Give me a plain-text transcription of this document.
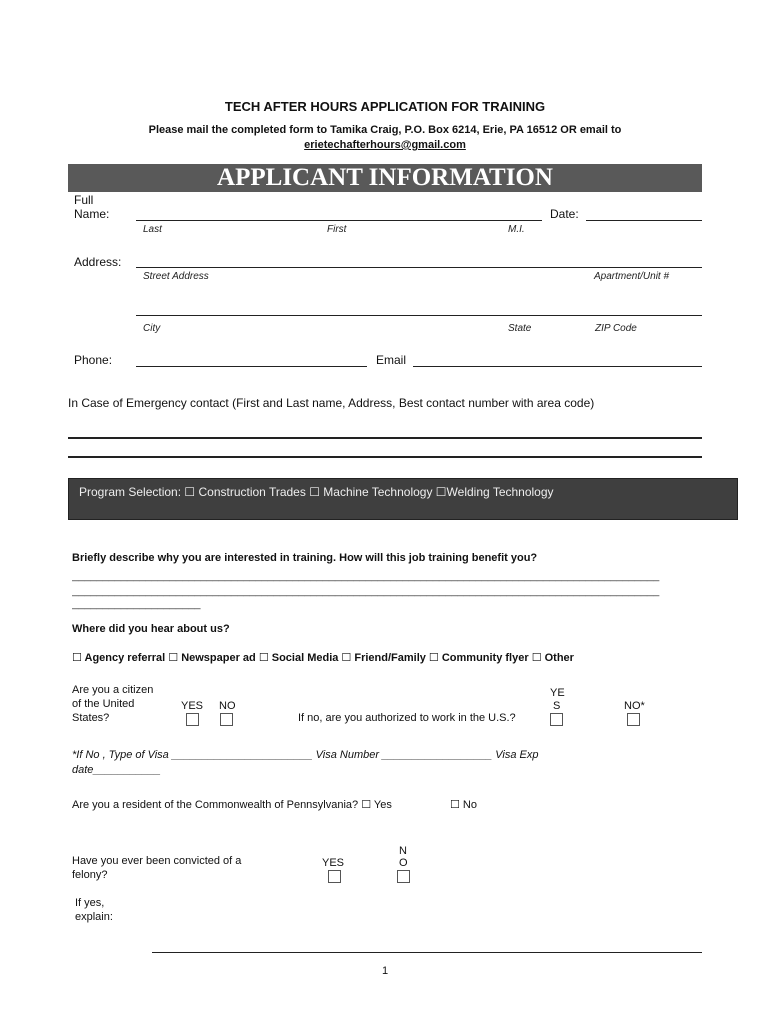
TECH AFTER HOURS APPLICATION FOR TRAINING
Please mail the completed form to Tamika Craig, P.O. Box 6214, Erie, PA 16512 OR email to
erietechafterhours@gmail.com
APPLICANT INFORMATION
Full
Name:	Date:
Last	First	M.I.
Address:
Street Address	Apartment/Unit #
City	State	ZIP Code
Phone:	Email
In Case of Emergency contact (First and Last name, Address, Best contact number with area code)
Program Selection: ☐ Construction Trades ☐ Machine Technology ☐Welding Technology
Briefly describe why you are interested in training. How will this job training benefit you?
________________________________________________________________________________________________
________________________________________________________________________________________________
_____________________
Where did you hear about us?
☐ Agency referral ☐ Newspaper ad ☐ Social Media ☐ Friend/Family ☐ Community flyer ☐ Other
Are you a citizen
of the United
States?
YES NO
If no, are you authorized to work in the U.S.?
YE
S	NO*
*If No , Type of Visa _______________________ Visa Number __________________ Visa Exp
date___________
Are you a resident of the Commonwealth of Pennsylvania? ☐ Yes	☐ No
Have you ever been convicted of a
felony?
YES
N
O
If yes,
explain:
1
